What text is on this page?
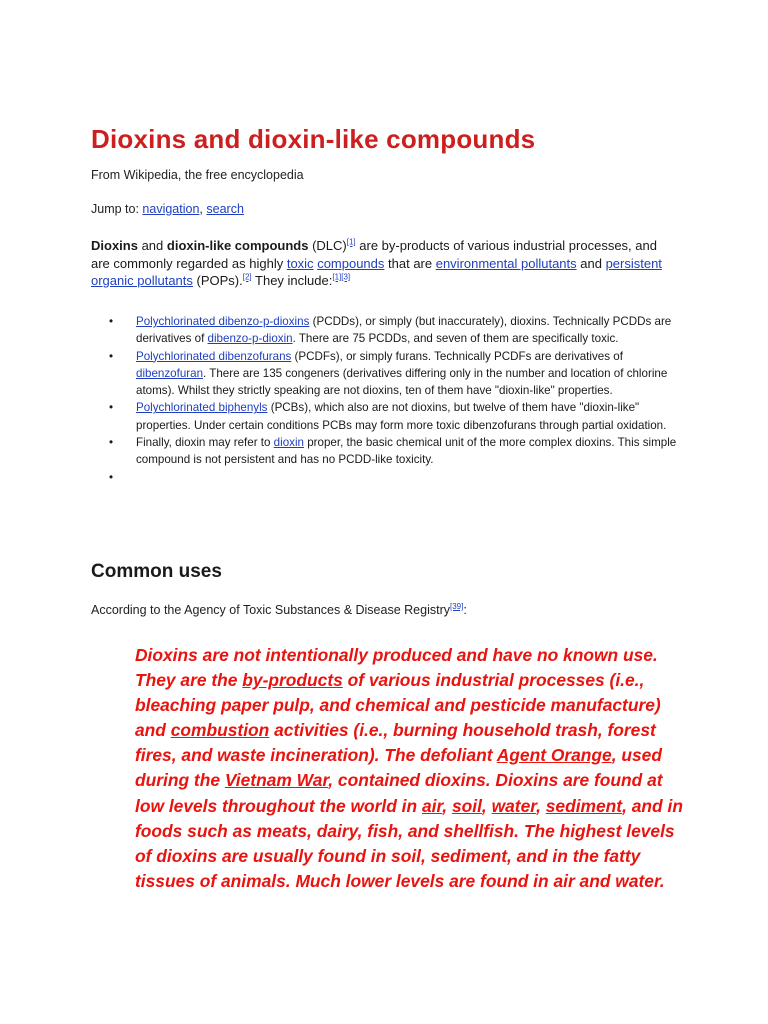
Dioxins and dioxin-like compounds
From Wikipedia, the free encyclopedia
Jump to: navigation, search

Dioxins and dioxin-like compounds (DLC)[1] are by-products of various industrial processes, and are commonly regarded as highly toxic compounds that are environmental pollutants and persistent organic pollutants (POPs).[2] They include:[1][3]

• Polychlorinated dibenzo-p-dioxins (PCDDs), or simply (but inaccurately), dioxins. Technically PCDDs are derivatives of dibenzo-p-dioxin. There are 75 PCDDs, and seven of them are specifically toxic.
• Polychlorinated dibenzofurans (PCDFs), or simply furans. Technically PCDFs are derivatives of dibenzofuran. There are 135 congeners (derivatives differing only in the number and location of chlorine atoms). Whilst they strictly speaking are not dioxins, ten of them have "dioxin-like" properties.
• Polychlorinated biphenyls (PCBs), which also are not dioxins, but twelve of them have "dioxin-like" properties. Under certain conditions PCBs may form more toxic dibenzofurans through partial oxidation.
• Finally, dioxin may refer to dioxin proper, the basic chemical unit of the more complex dioxins. This simple compound is not persistent and has no PCDD-like toxicity.
•
Common uses
According to the Agency of Toxic Substances & Disease Registry[39]:

Dioxins are not intentionally produced and have no known use. They are the by-products of various industrial processes (i.e., bleaching paper pulp, and chemical and pesticide manufacture) and combustion activities (i.e., burning household trash, forest fires, and waste incineration). The defoliant Agent Orange, used during the Vietnam War, contained dioxins. Dioxins are found at low levels throughout the world in air, soil, water, sediment, and in foods such as meats, dairy, fish, and shellfish. The highest levels of dioxins are usually found in soil, sediment, and in the fatty tissues of animals. Much lower levels are found in air and water.
